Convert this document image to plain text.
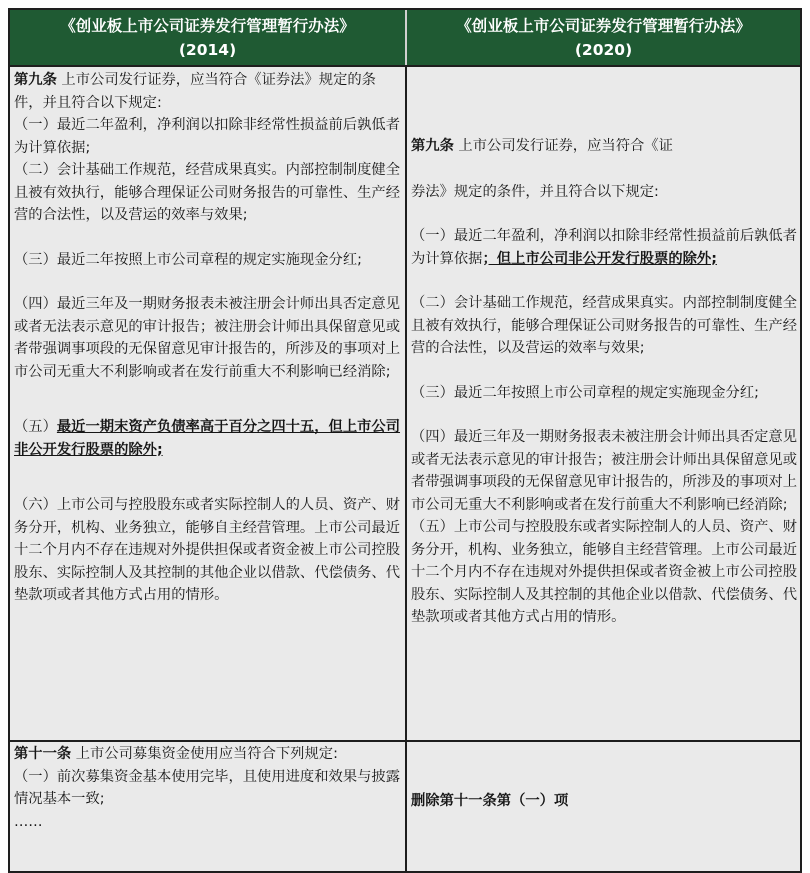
《创业板上市公司证券发行管理暂行办法》
(2014)
《创业板上市公司证券发行管理暂行办法》
(2020)

第九条 上市公司发行证券，应当符合《证券法》规定的条件，并且符合以下规定:

（一）最近二年盈利，净利润以扣除非经常性损益前后孰低者为计算依据;

（二）会计基础工作规范，经营成果真实。内部控制制度健全且被有效执行，能够合理保证公司财务报告的可靠性、生产经营的合法性，以及营运的效率与效果;

（三）最近二年按照上市公司章程的规定实施现金分红;

（四）最近三年及一期财务报表未被注册会计师出具否定意见或者无法表示意见的审计报告；被注册会计师出具保留意见或者带强调事项段的无保留意见审计报告的，所涉及的事项对上市公司无重大不利影响或者在发行前重大不利影响已经消除;

（五）最近一期末资产负债率高于百分之四十五，但上市公司非公开发行股票的除外;

（六）上市公司与控股股东或者实际控制人的人员、资产、财务分开，机构、业务独立，能够自主经营管理。上市公司最近十二个月内不存在违规对外提供担保或者资金被上市公司控股股东、实际控制人及其控制的其他企业以借款、代偿债务、代垫款项或者其他方式占用的情形。

第九条 上市公司发行证券，应当符合《证

券法》规定的条件，并且符合以下规定:

（一）最近二年盈利，净利润以扣除非经常性损益前后孰低者为计算依据；但上市公司非公开发行股票的除外;

（二）会计基础工作规范，经营成果真实。内部控制制度健全且被有效执行，能够合理保证公司财务报告的可靠性、生产经营的合法性，以及营运的效率与效果;

（三）最近二年按照上市公司章程的规定实施现金分红;

（四）最近三年及一期财务报表未被注册会计师出具否定意见或者无法表示意见的审计报告；被注册会计师出具保留意见或者带强调事项段的无保留意见审计报告的，所涉及的事项对上市公司无重大不利影响或者在发行前重大不利影响已经消除;

（五）上市公司与控股股东或者实际控制人的人员、资产、财务分开，机构、业务独立，能够自主经营管理。上市公司最近十二个月内不存在违规对外提供担保或者资金被上市公司控股股东、实际控制人及其控制的其他企业以借款、代偿债务、代垫款项或者其他方式占用的情形。

第十一条 上市公司募集资金使用应当符合下列规定:

（一）前次募集资金基本使用完毕，且使用进度和效果与披露情况基本一致;

……

删除第十一条第（一）项
